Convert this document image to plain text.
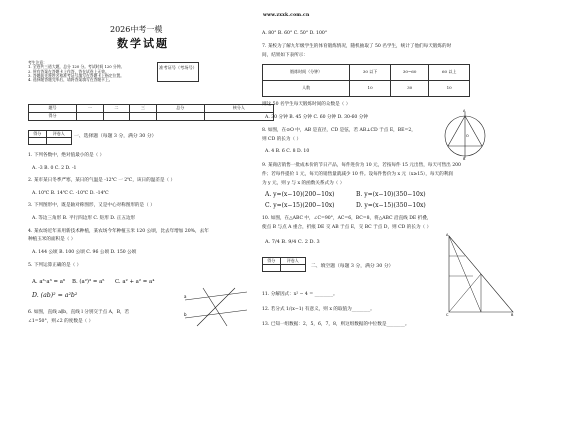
2026中考一模
数学试题
考生注意：
1. 全卷共三道大题，总分 120 分。考试时间 120 分钟。
2. 所有答案在答题卡上作答，答在试卷上无效。
3. 答题前先将姓名和准考证号填写在答题卡上指定位置。
4. 选择题答题完毕后，请将答案填写在答题卡上。
准考证号（考场号）
题号	一	二	三	总分	核分人
得分					
得分	评卷人

一、选择题（每题 3 分，满分 30 分）
1. 下列各数中，绝对值最小的是（ ）
A. -3 B. 0 C. 2 D. -1
2. 某市某日冬季严寒，某日的气温是 -12℃ 一 2℃，该日的温差是（ ）
A. 10℃ B. 14℃ C. -10℃ D. -14℃
3. 下列图形中，既是轴对称图形，又是中心对称图形的是（ ）
A. 等边三角形 B. 平行四边形 C. 矩形 D. 正五边形
4. 某农场近年来用新技术种植，某农场今年种植玉米 120 公顷，比去年增加 20%，去年
种植玉米的面积是（ ）
A. 144 公顷 B. 100 公顷 C. 96 公顷 D. 150 公顷
5. 下列运算正确的是（ ）
A. a³·a³ = a⁶ B. (a²)³ = a⁵ C. a² + a² = a⁴
D. (ab)² = a²b²
6. 如图，直线 a∥b，直线 l 分别交于点 A，B，若
∠1=50°，则∠2 的度数是（ ）
a
b
www.zxxk.com.cn
A. 80° B. 60° C. 50° D. 100°
7. 某校为了解九年级学生的体育锻炼情况，随机抽取了 50 名学生，统计了他们每天锻炼的时
间，结果如下表所示：
锻炼时间（分钟）	30 以下	30~60	60 以上
人数	10	30	10
则这 50 名学生每天锻炼时间的众数是（ ）
A. 30 分钟 B. 45 分钟 C. 60 分钟 D. 30-60 分钟
8. 如图，在⊙O 中，AB 是直径，CD 是弦，若 AB⊥CD 于点 E，BE=2，
则 CD 的长为（ ）
A. 4 B. 6 C. 8 D. 10
A
B
O
9. 某商店销售一批成本价的节日产品，每件进价为 10 元，若按每件 15 元出售，每天可售出 200
件；若每件提价 1 元，每天的销售量就减少 10 件。设每件售价为 x 元（x≥15），每天的利润
为 y 元，则 y 与 x 的函数关系式为（ ）
A. y=(x−10)(200−10x)	B. y=(x−10)(350−10x)
C. y=(x−15)(200−10x)	D. y=(x−15)(350−10x)
10. 如图，在△ABC 中，∠C=90°，AC=6，BC=8，将△ABC 沿直线 DE 折叠，
使点 B 与点 A 重合，折痕 DE 交 AB 于点 E，交 BC 于点 D，则 CD 的长为（ ）
A. 7/4 B. 9/4 C. 2 D. 3
A
C	B
得分	评卷人

二、填空题（每题 3 分，满分 30 分）
11. 分解因式：x² − 4 = ________。
12. 若分式 1/(x−1) 有意义，则 x 的取值为________。
13. 已知一组数据：2，5，6，7，8，则这组数据的中位数是________。
